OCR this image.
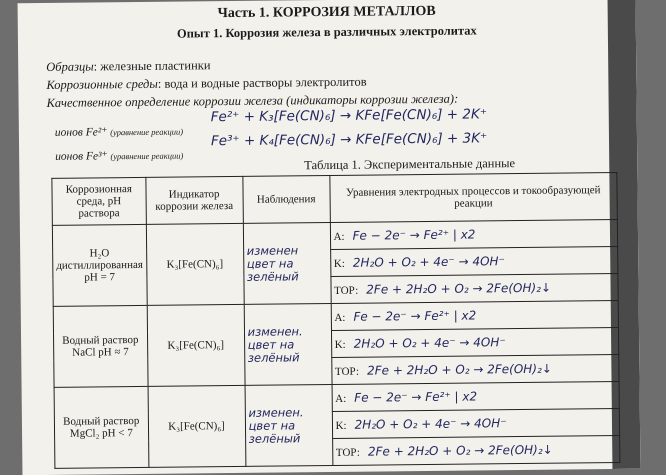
Часть 1. КОРРОЗИЯ МЕТАЛЛОВ
Опыт 1. Коррозия железа в различных электролитах
Образцы: железные пластинки
Коррозионные среды: вода и водные растворы электролитов
Качественное определение коррозии железа (индикаторы коррозии железа):
ионов Fe²⁺ (уравнение реакции)
Fe²⁺ + K₃[Fe(CN)₆] → KFe[Fe(CN)₆] + 2K⁺
ионов Fe³⁺ (уравнение реакции)
Fe³⁺ + K₄[Fe(CN)₆] → KFe[Fe(CN)₆] + 3K⁺
Таблица 1. Экспериментальные данные
Коррозионная среда, pH раствора	Индикатор коррозии железа	Наблюдения	Уравнения электродных процессов и токообразующей реакции
H₂O дистиллированная pH = 7	K₃[Fe(CN)₆]	изменен цвет на зелёный	A: Fe − 2e⁻ → Fe²⁺ | x2
			K: 2H₂O + O₂ + 4e⁻ → 4OH⁻
			ТОР: 2Fe + 2H₂O + O₂ → 2Fe(OH)₂↓
Водный раствор NaCl pH ≈ 7	K₃[Fe(CN)₆]	изменен. цвет на зелёный	A: Fe − 2e⁻ → Fe²⁺ | x2
			K: 2H₂O + O₂ + 4e⁻ → 4OH⁻
			ТОР: 2Fe + 2H₂O + O₂ → 2Fe(OH)₂↓
Водный раствор MgCl₂ pH < 7	K₃[Fe(CN)₆]	изменен. цвет на зелёный	A: Fe − 2e⁻ → Fe²⁺ | x2
			K: 2H₂O + O₂ + 4e⁻ → 4OH⁻
			ТОР: 2Fe + 2H₂O + O₂ → 2Fe(OH)₂↓
